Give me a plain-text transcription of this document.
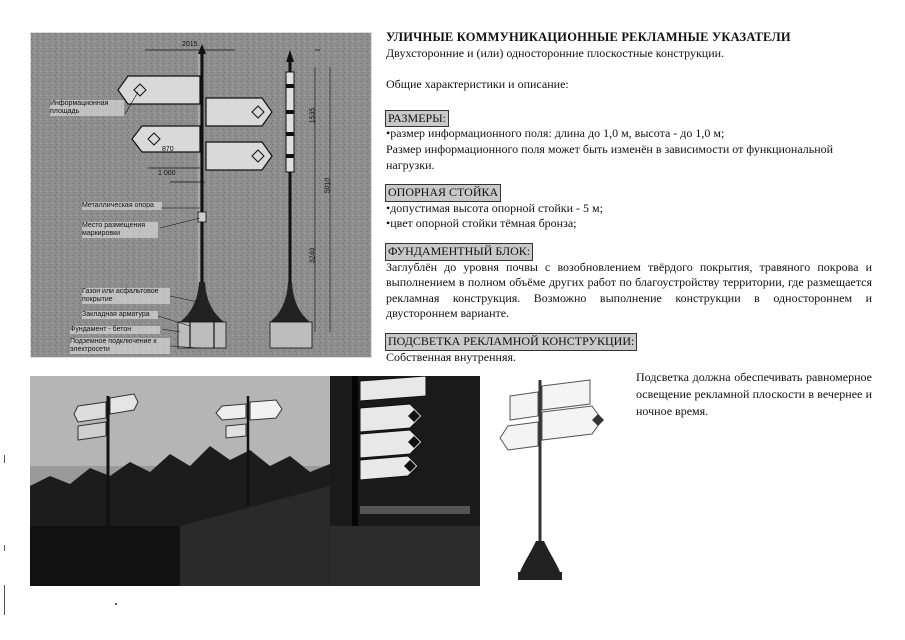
2015
870
1 000
1535
5010
3240
Информационная площадь
Металлическая опора
Место размещения маркировки
Газон или асфальтовое покрытие
Закладная арматура
Фундамент - бетон
Подземное подключение к электросети

УЛИЧНЫЕ КОММУНИКАЦИОННЫЕ РЕКЛАМНЫЕ УКАЗАТЕЛИ

Двухсторонние и (или) односторонние плоскостные конструкции.

Общие характеристики и описание:

РАЗМЕРЫ:

•размер информационного поля: длина до 1,0 м, высота - до 1,0 м;

Размер информационного поля может быть изменён в зависимости от функциональной нагрузки.

ОПОРНАЯ СТОЙКА

•допустимая высота опорной стойки - 5 м;

•цвет опорной стойки тёмная бронза;

ФУНДАМЕНТНЫЙ БЛОК:

Заглублён до уровня почвы с возобновлением твёрдого покрытия, травяного покрова и выполнением в полном объёме других работ по благоустройству территории, где размещается рекламная конструкция. Возможно выполнение конструкции в одностороннем и двустороннем варианте.

ПОДСВЕТКА РЕКЛАМНОЙ КОНСТРУКЦИИ:

Собственная внутренняя.

Подсветка должна обеспечивать равномерное освещение рекламной плоскости в вечернее и ночное время.
